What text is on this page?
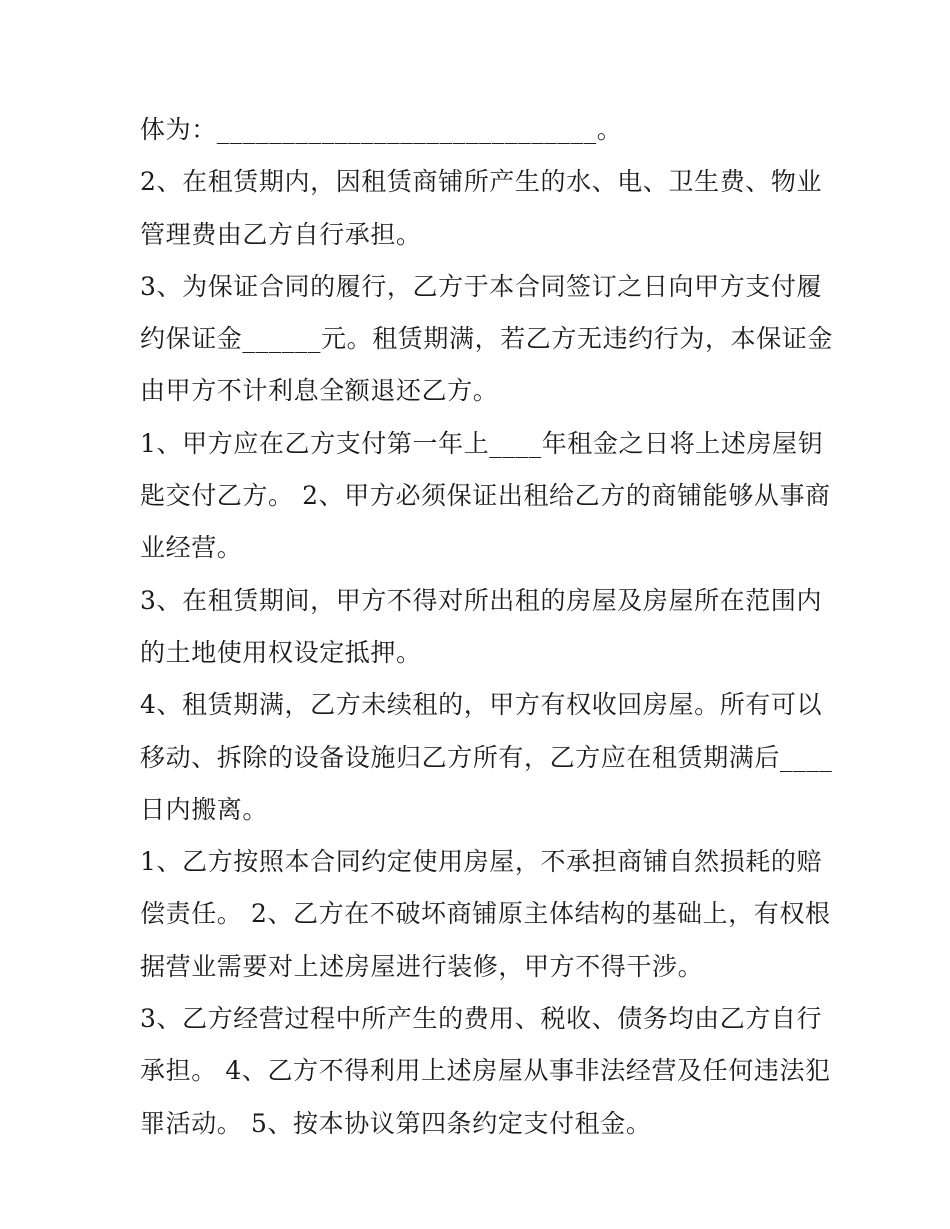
体为：_____________________________。
2、在租赁期内，因租赁商铺所产生的水、电、卫生费、物业
管理费由乙方自行承担。
3、为保证合同的履行，乙方于本合同签订之日向甲方支付履
约保证金______元。租赁期满，若乙方无违约行为，本保证金
由甲方不计利息全额退还乙方。
1、甲方应在乙方支付第一年上____年租金之日将上述房屋钥
匙交付乙方。 2、甲方必须保证出租给乙方的商铺能够从事商
业经营。
3、在租赁期间，甲方不得对所出租的房屋及房屋所在范围内
的土地使用权设定抵押。
4、租赁期满，乙方未续租的，甲方有权收回房屋。所有可以
移动、拆除的设备设施归乙方所有，乙方应在租赁期满后____
日内搬离。
1、乙方按照本合同约定使用房屋，不承担商铺自然损耗的赔
偿责任。 2、乙方在不破坏商铺原主体结构的基础上，有权根
据营业需要对上述房屋进行装修，甲方不得干涉。
3、乙方经营过程中所产生的费用、税收、债务均由乙方自行
承担。 4、乙方不得利用上述房屋从事非法经营及任何违法犯
罪活动。 5、按本协议第四条约定支付租金。
